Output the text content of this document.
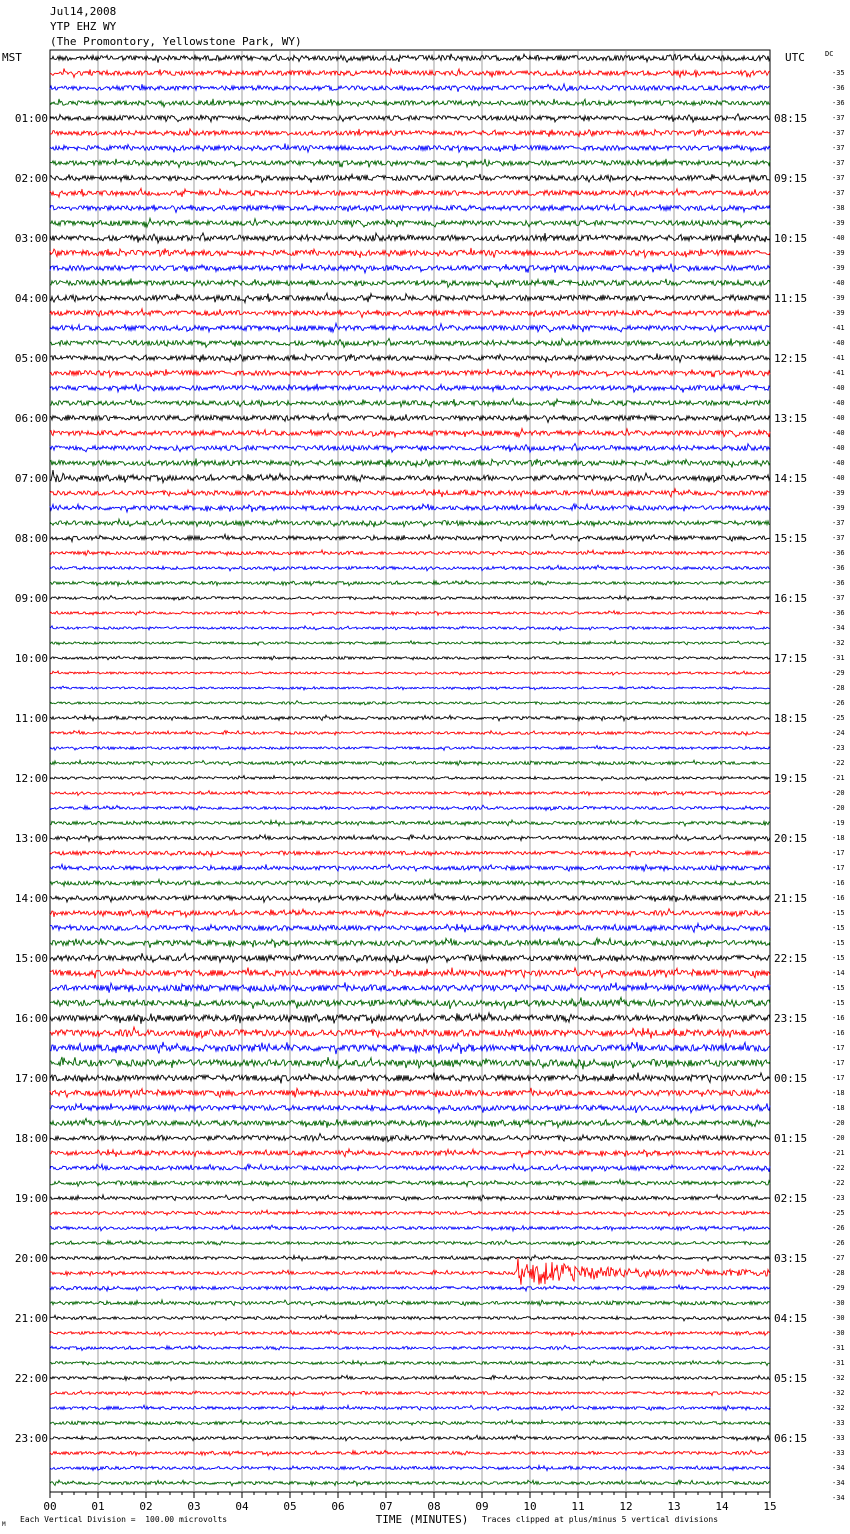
Jul14,2008
YTP EHZ WY
(The Promontory, Yellowstone Park, WY)
00	01	02	03	04	05	06	07	08	09	10	11	12	13	14	15
TIME (MINUTES)
MST	UTC	DC
-35
-36
-36
-37
-37
-37
-37
-37
-37
-38
-39
-40
-39
-39
-40
-39
-39
-41
-40
-41
-41
-40
-40
-40
-40
-40
-40
-40
-39
-39
-37
-37
-36
-36
-36
-37
-36
-34
-32
-31
-29
-28
-26
-25
-24
-23
-22
-21
-20
-20
-19
-18
-17
-17
-16
-16
-15
-15
-15
-15
-14
-15
-15
-16
-16
-17
-17
-17
-18
-18
-20
-20
-21
-22
-22
-23
-25
-26
-26
-27
-28
-29
-30
-30
-30
-31
-31
-32
-32
-32
-33
-33
-33
-34
-34
-34
01:00	08:15
02:00	09:15
03:00	10:15
04:00	11:15
05:00	12:15
06:00	13:15
07:00	14:15
08:00	15:15
09:00	16:15
10:00	17:15
11:00	18:15
12:00	19:15
13:00	20:15
14:00	21:15
15:00	22:15
16:00	23:15
17:00	00:15
18:00	01:15
19:00	02:15
20:00	03:15
21:00	04:15
22:00	05:15
23:00	06:15
M
Each Vertical Division =  100.00 microvolts	Traces clipped at plus/minus 5 vertical divisions
